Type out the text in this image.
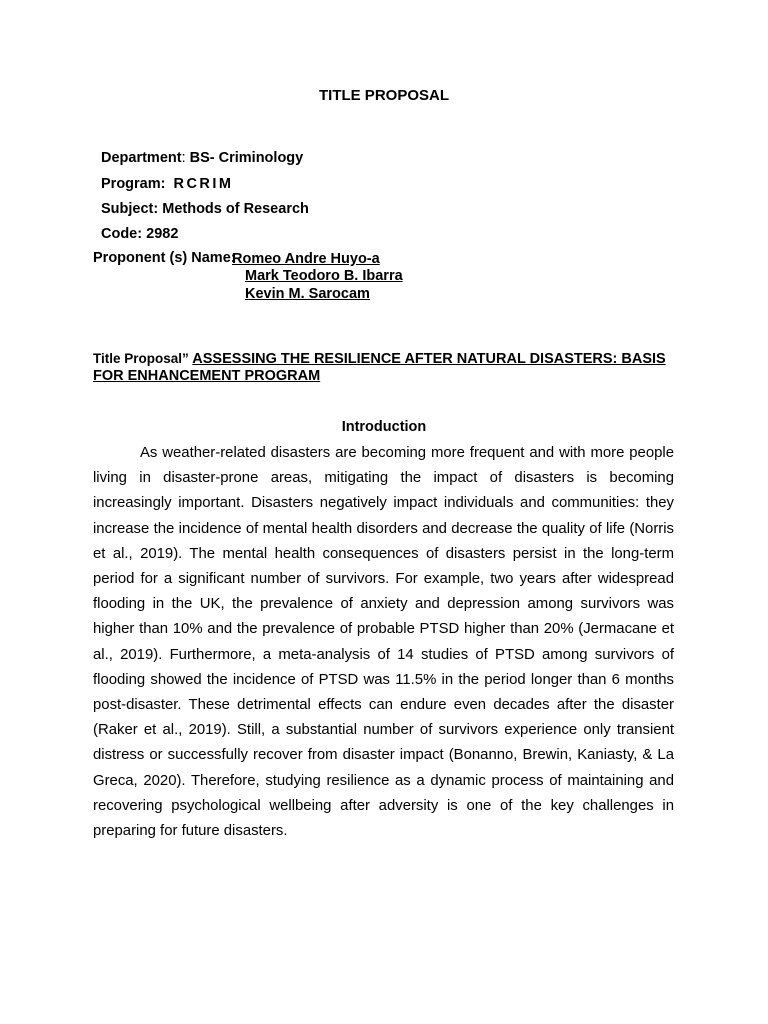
TITLE PROPOSAL
Department: BS- Criminology
Program: RCRIM
Subject: Methods of Research
Code: 2982
Proponent (s) Name:
Romeo Andre Huyo-a
Mark Teodoro B. Ibarra
Kevin M. Sarocam
Title Proposal” ASSESSING THE RESILIENCE AFTER NATURAL DISASTERS: BASIS FOR ENHANCEMENT PROGRAM
Introduction

As weather-related disasters are becoming more frequent and with more people living in disaster-prone areas, mitigating the impact of disasters is becoming increasingly important. Disasters negatively impact individuals and communities: they increase the incidence of mental health disorders and decrease the quality of life (Norris et al., 2019). The mental health consequences of disasters persist in the long-term period for a significant number of survivors. For example, two years after widespread flooding in the UK, the prevalence of anxiety and depression among survivors was higher than 10% and the prevalence of probable PTSD higher than 20% (Jermacane et al., 2019). Furthermore, a meta-analysis of 14 studies of PTSD among survivors of flooding showed the incidence of PTSD was 11.5% in the period longer than 6 months post-disaster. These detrimental effects can endure even decades after the disaster (Raker et al., 2019). Still, a substantial number of survivors experience only transient distress or successfully recover from disaster impact (Bonanno, Brewin, Kaniasty, & La Greca, 2020). Therefore, studying resilience as a dynamic process of maintaining and recovering psychological wellbeing after adversity is one of the key challenges in preparing for future disasters.
